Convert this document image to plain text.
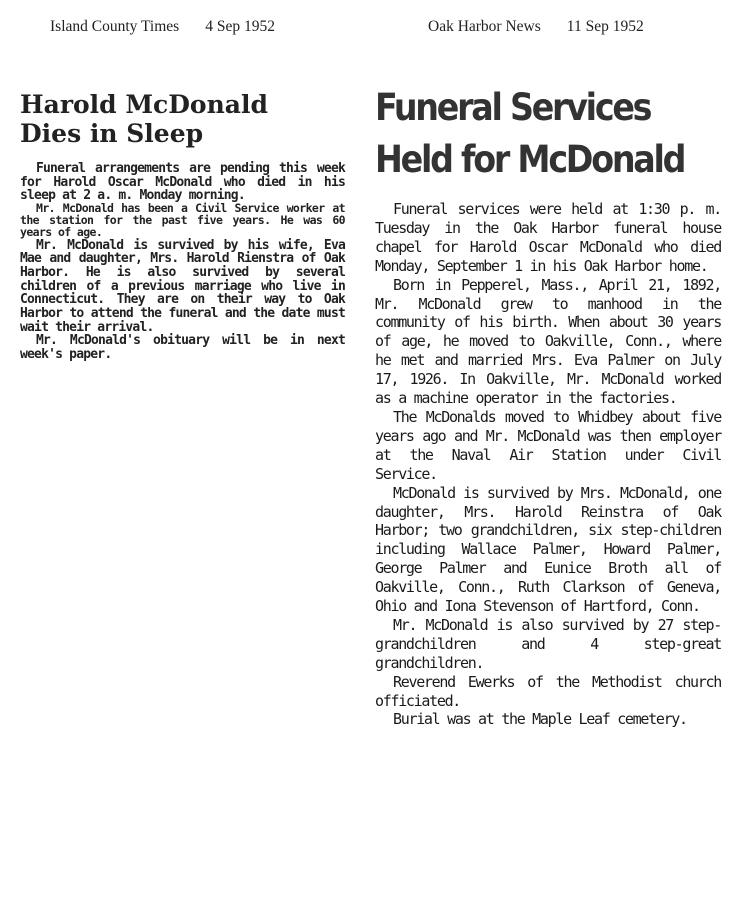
Island County Times 4 Sep 1952	Oak Harbor News 11 Sep 1952
Harold McDonald
Dies in Sleep

Funeral arrangements are pending this week for Harold Oscar McDonald who died in his sleep at 2 a. m. Monday morning.

Mr. McDonald has been a Civil Service worker at the station for the past five years. He was 60 years of age.

Mr. McDonald is survived by his wife, Eva Mae and daughter, Mrs. Harold Rienstra of Oak Harbor. He is also survived by several children of a previous marriage who live in Connecticut. They are on their way to Oak Harbor to attend the funeral and the date must wait their arrival.

Mr. McDonald's obituary will be in next week's paper.

Funeral Services
Held for McDonald

Funeral services were held at 1:30 p. m. Tuesday in the Oak Harbor funeral house chapel for Harold Oscar McDonald who died Monday, September 1 in his Oak Harbor home.

Born in Pepperel, Mass., April 21, 1892, Mr. McDonald grew to manhood in the community of his birth. When about 30 years of age, he moved to Oakville, Conn., where he met and married Mrs. Eva Palmer on July 17, 1926. In Oakville, Mr. McDonald worked as a machine operator in the factories.

The McDonalds moved to Whidbey about five years ago and Mr. McDonald was then employer at the Naval Air Station under Civil Service.

McDonald is survived by Mrs. McDonald, one daughter, Mrs. Harold Reinstra of Oak Harbor; two grandchildren, six step-children including Wallace Palmer, Howard Palmer, George Palmer and Eunice Broth all of Oakville, Conn., Ruth Clarkson of Geneva, Ohio and Iona Stevenson of Hartford, Conn.

Mr. McDonald is also survived by 27 step-grandchildren and 4 step-great grandchildren.

Reverend Ewerks of the Methodist church officiated.

Burial was at the Maple Leaf cemetery.
